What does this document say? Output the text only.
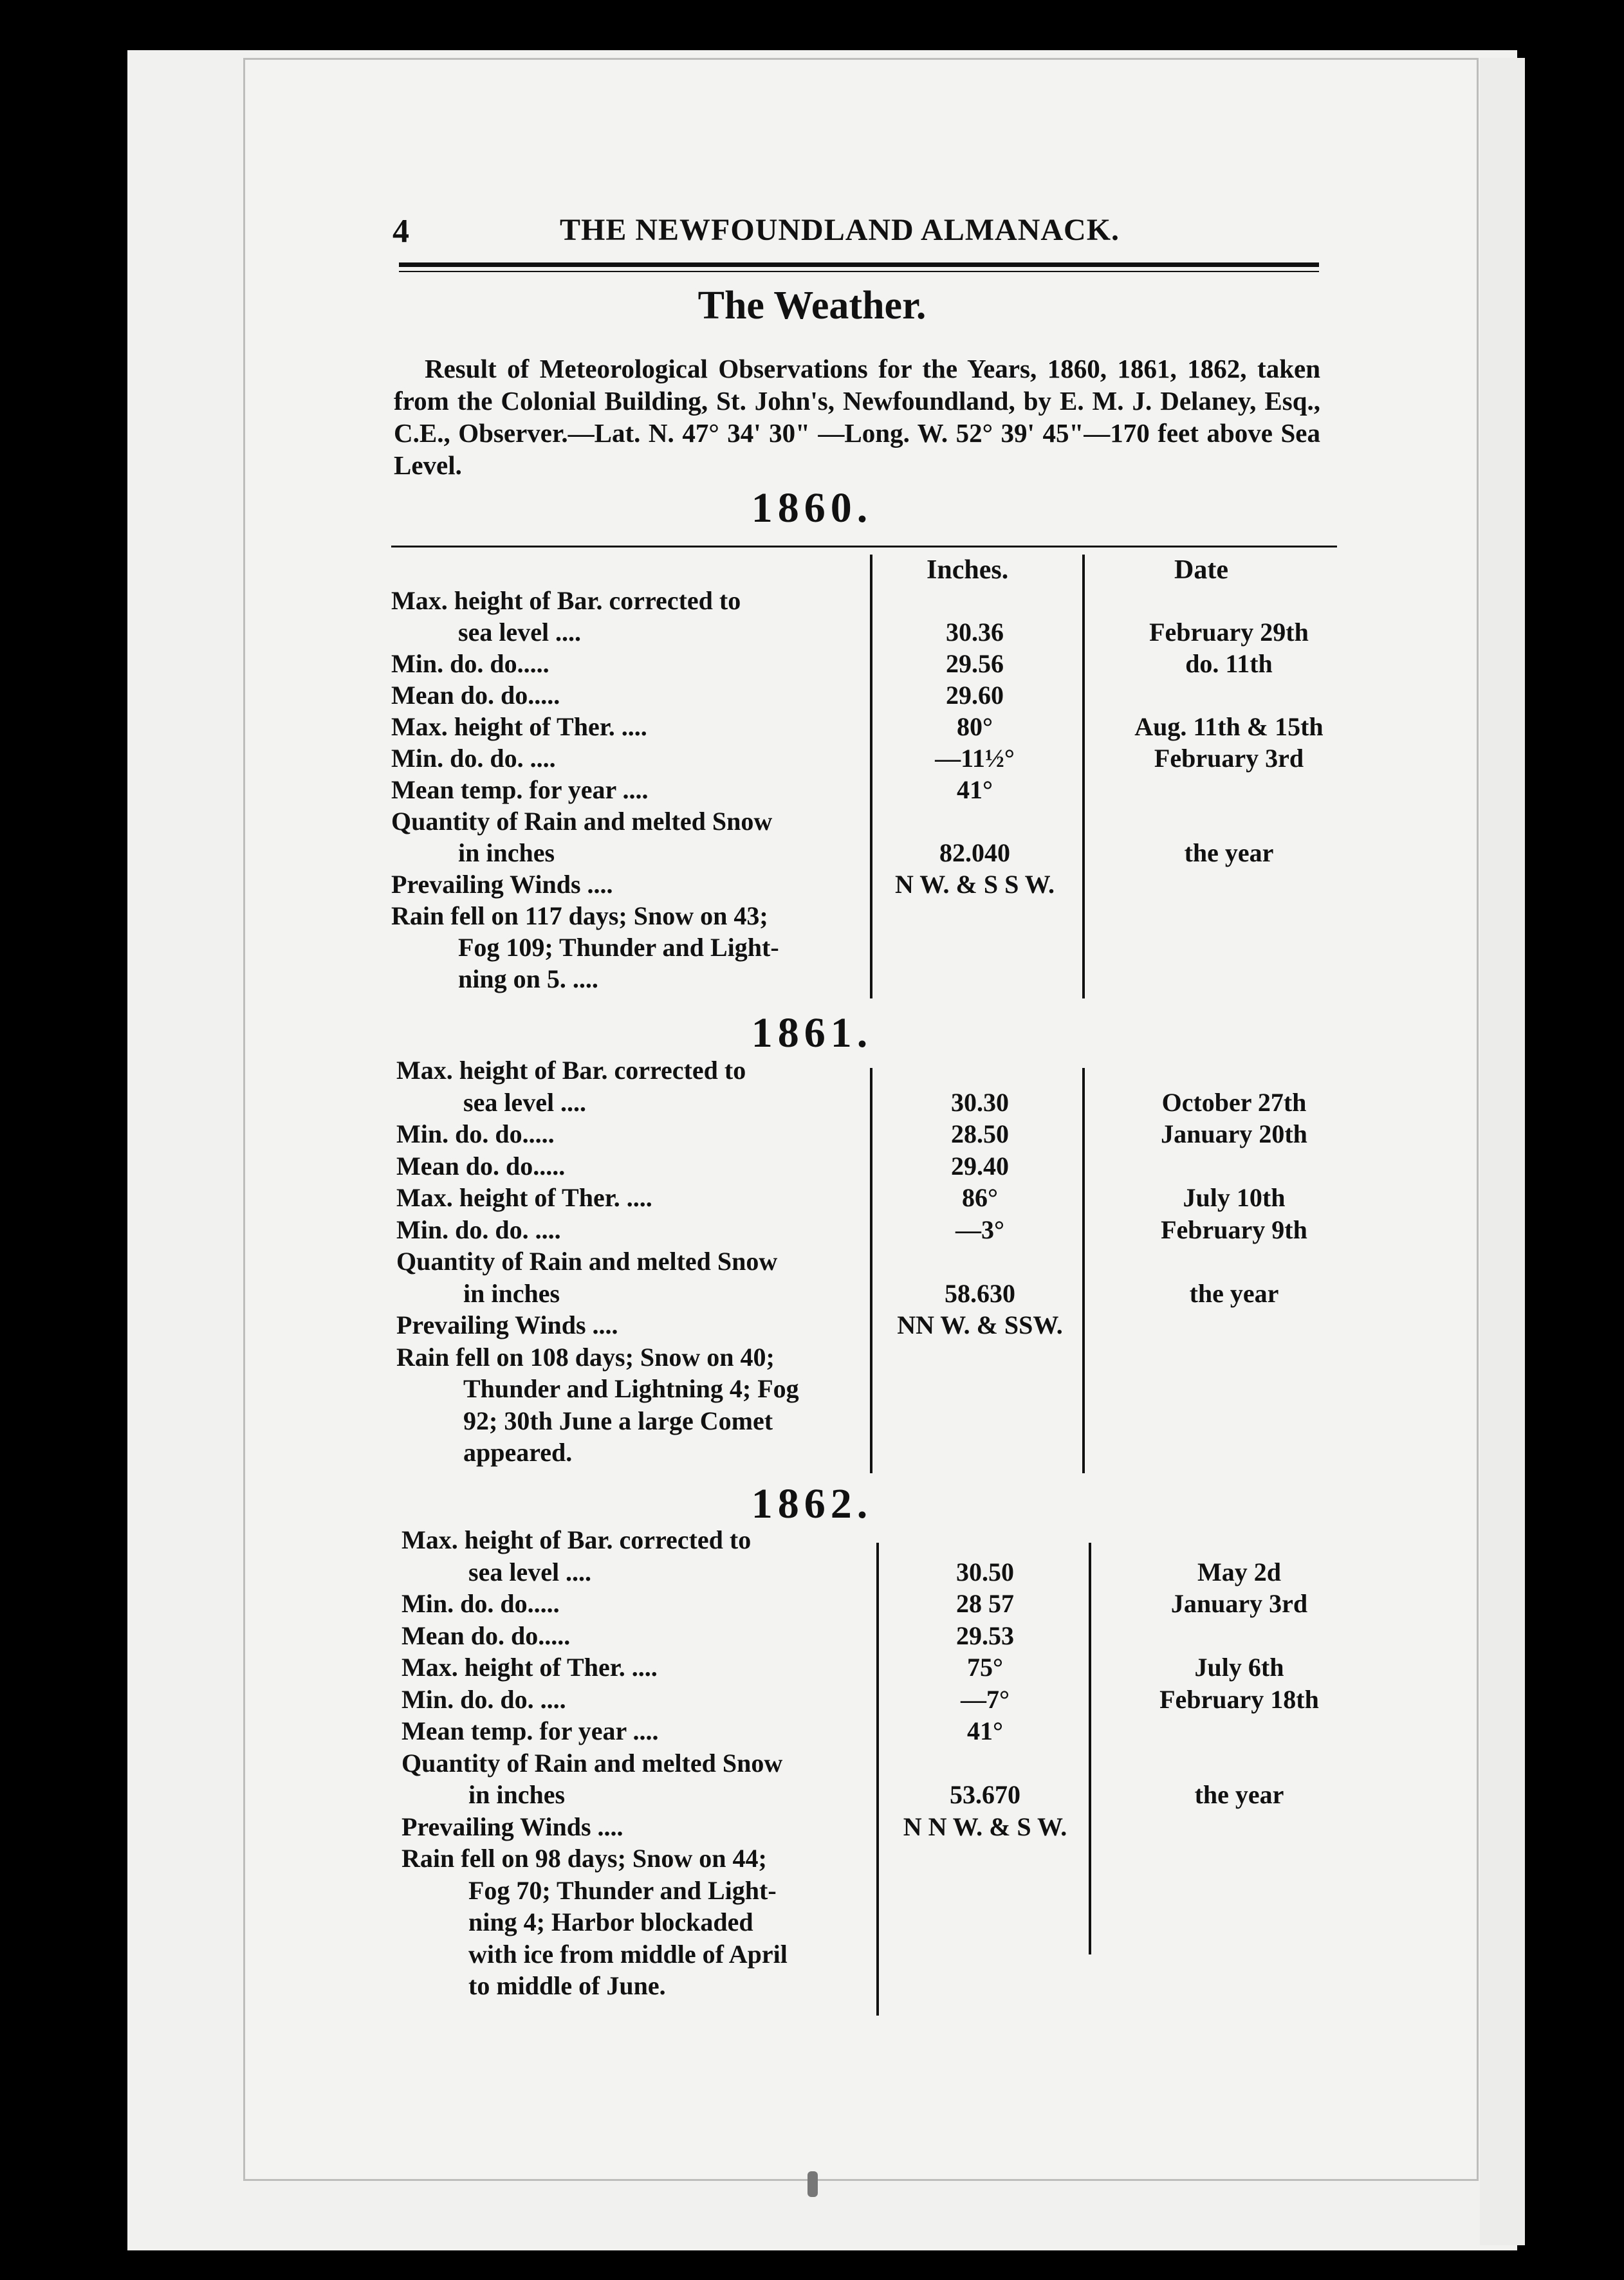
4	THE NEWFOUNDLAND ALMANACK.
The Weather.

Result of Meteorological Observations for the Years, 1860, 1861, 1862, taken from the Colonial Building, St. John's, Newfoundland, by E. M. J. Delaney, Esq., C.E., Observer.—Lat. N. 47° 34' 30" —Long. W. 52° 39' 45"—170 feet above Sea Level.

1860.
Inches.	Date
Max. height of Bar. corrected to
sea level ....	30.36	February 29th
Min. do. do.....	29.56	do. 11th
Mean do. do.....	29.60
Max. height of Ther. ....	80°	Aug. 11th & 15th
Min. do. do. ....	—11½°	February 3rd
Mean temp. for year ....	41°
Quantity of Rain and melted Snow
in inches	82.040	the year
Prevailing Winds ....	N W. & S S W.
Rain fell on 117 days; Snow on 43;
Fog 109; Thunder and Light-
ning on 5. ....
1861.
Max. height of Bar. corrected to
sea level ....	30.30	October 27th
Min. do. do.....	28.50	January 20th
Mean do. do.....	29.40
Max. height of Ther. ....	86°	July 10th
Min. do. do. ....	—3°	February 9th
Quantity of Rain and melted Snow
in inches	58.630	the year
Prevailing Winds ....	NN W. & SSW.
Rain fell on 108 days; Snow on 40;
Thunder and Lightning 4; Fog
92; 30th June a large Comet
appeared.
1862.
Max. height of Bar. corrected to
sea level ....	30.50	May 2d
Min. do. do.....	28 57	January 3rd
Mean do. do.....	29.53
Max. height of Ther. ....	75°	July 6th
Min. do. do. ....	—7°	February 18th
Mean temp. for year ....	41°
Quantity of Rain and melted Snow
in inches	53.670	the year
Prevailing Winds ....	N N W. & S W.
Rain fell on 98 days; Snow on 44;
Fog 70; Thunder and Light-
ning 4; Harbor blockaded
with ice from middle of April
to middle of June.
